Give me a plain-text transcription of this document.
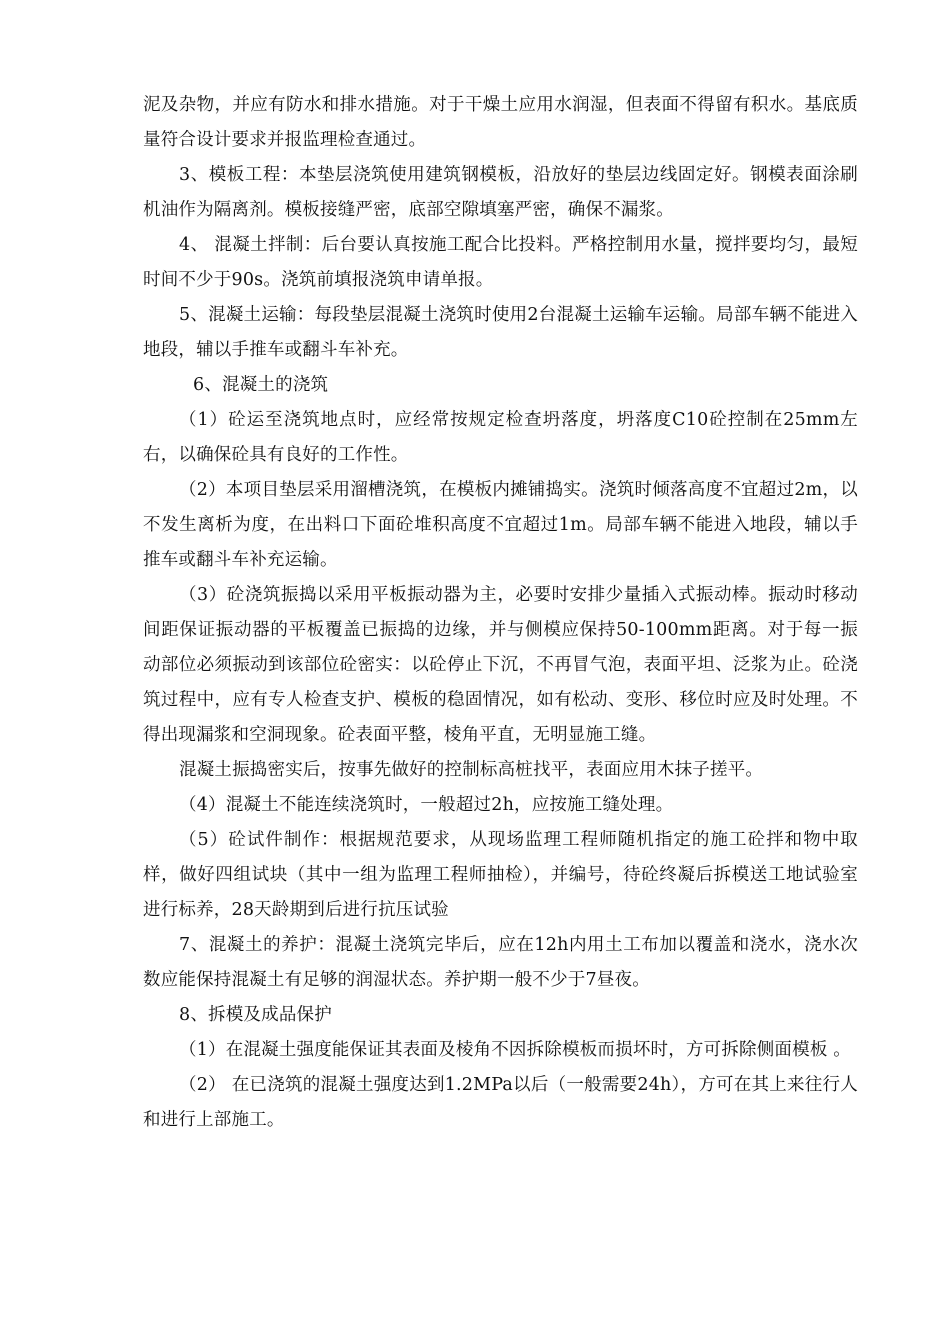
泥及杂物，并应有防水和排水措施。对于干燥土应用水润湿，但表面不得留有积水。基底质量符合设计要求并报监理检查通过。

3、模板工程：本垫层浇筑使用建筑钢模板，沿放好的垫层边线固定好。钢模表面涂刷机油作为隔离剂。模板接缝严密，底部空隙填塞严密，确保不漏浆。

4、 混凝土拌制：后台要认真按施工配合比投料。严格控制用水量，搅拌要均匀，最短时间不少于90s。浇筑前填报浇筑申请单报。

5、混凝土运输：每段垫层混凝土浇筑时使用2台混凝土运输车运输。局部车辆不能进入地段，辅以手推车或翻斗车补充。

6、混凝土的浇筑

（1）砼运至浇筑地点时，应经常按规定检查坍落度，坍落度C10砼控制在25mm左右，以确保砼具有良好的工作性。

（2）本项目垫层采用溜槽浇筑，在模板内摊铺捣实。浇筑时倾落高度不宜超过2m，以不发生离析为度，在出料口下面砼堆积高度不宜超过1m。局部车辆不能进入地段，辅以手推车或翻斗车补充运输。

（3）砼浇筑振捣以采用平板振动器为主，必要时安排少量插入式振动棒。振动时移动间距保证振动器的平板覆盖已振捣的边缘，并与侧模应保持50-100mm距离。对于每一振动部位必须振动到该部位砼密实：以砼停止下沉，不再冒气泡，表面平坦、泛浆为止。砼浇筑过程中，应有专人检查支护、模板的稳固情况，如有松动、变形、移位时应及时处理。不得出现漏浆和空洞现象。砼表面平整，棱角平直，无明显施工缝。

混凝土振捣密实后，按事先做好的控制标高桩找平，表面应用木抹子搓平。

（4）混凝土不能连续浇筑时，一般超过2h，应按施工缝处理。

（5）砼试件制作：根据规范要求，从现场监理工程师随机指定的施工砼拌和物中取样，做好四组试块（其中一组为监理工程师抽检），并编号，待砼终凝后拆模送工地试验室进行标养，28天龄期到后进行抗压试验

7、混凝土的养护：混凝土浇筑完毕后，应在12h内用土工布加以覆盖和浇水，浇水次数应能保持混凝土有足够的润湿状态。养护期一般不少于7昼夜。

8、拆模及成品保护

（1）在混凝土强度能保证其表面及棱角不因拆除模板而损坏时，方可拆除侧面模板 。

（2） 在已浇筑的混凝土强度达到1.2MPa以后（一般需要24h），方可在其上来往行人和进行上部施工。
